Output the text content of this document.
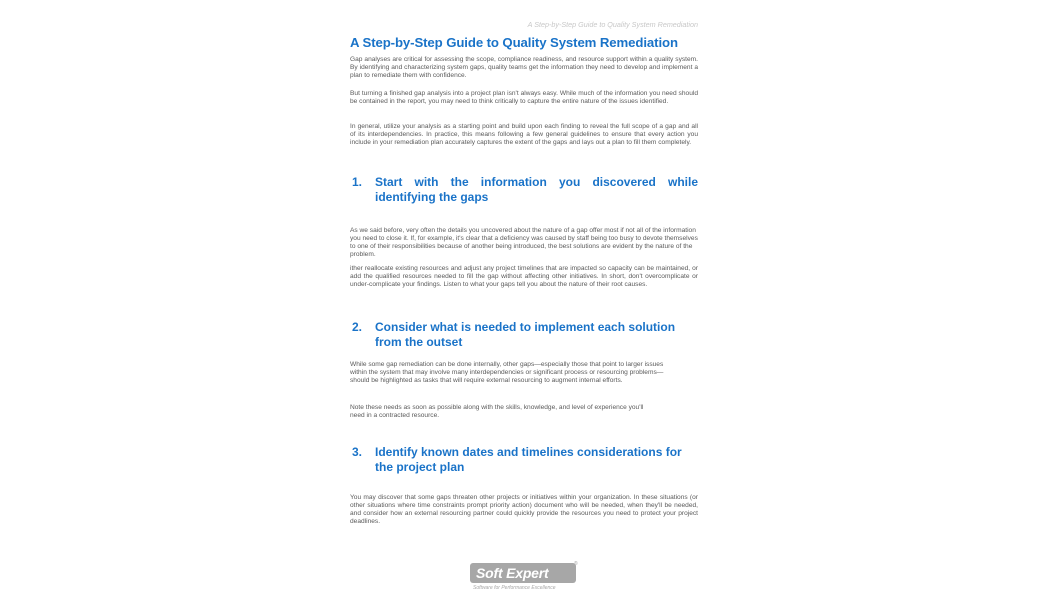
A Step-by-Step Guide to Quality System Remediation
A Step-by-Step Guide to Quality System Remediation

Gap analyses are critical for assessing the scope, compliance readiness, and resource support within a quality system. By identifying and characterizing system gaps, quality teams get the information they need to develop and implement a plan to remediate them with confidence.

But turning a finished gap analysis into a project plan isn't always easy. While much of the information you need should be contained in the report, you may need to think critically to capture the entire nature of the issues identified.

In general, utilize your analysis as a starting point and build upon each finding to reveal the full scope of a gap and all of its interdependencies. In practice, this means following a few general guidelines to ensure that every action you include in your remediation plan accurately captures the extent of the gaps and lays out a plan to fill them completely.

1. Start with the information you discovered while identifying the gaps

As we said before, very often the details you uncovered about the nature of a gap offer most if not all of the information you need to close it. If, for example, it's clear that a deficiency was caused by staff being too busy to devote themselves to one of their responsibilities because of another being introduced, the best solutions are evident by the nature of the problem.

ither reallocate existing resources and adjust any project timelines that are impacted so capacity can be maintained, or add the qualified resources needed to fill the gap without affecting other initiatives. In short, don't overcomplicate or under-complicate your findings. Listen to what your gaps tell you about the nature of their root causes.

2. Consider what is needed to implement each solution from the outset

While some gap remediation can be done internally, other gaps—especially those that point to larger issues within the system that may involve many interdependencies or significant process or resourcing problems—should be highlighted as tasks that will require external resourcing to augment internal efforts.

Note these needs as soon as possible along with the skills, knowledge, and level of experience you'll need in a contracted resource.

3. Identify known dates and timelines considerations for the project plan

You may discover that some gaps threaten other projects or initiatives within your organization. In these situations (or other situations where time constraints prompt priority action) document who will be needed, when they'll be needed, and consider how an external resourcing partner could quickly provide the resources you need to protect your project deadlines.

Soft Expert
®
Software for Performance Excellence
